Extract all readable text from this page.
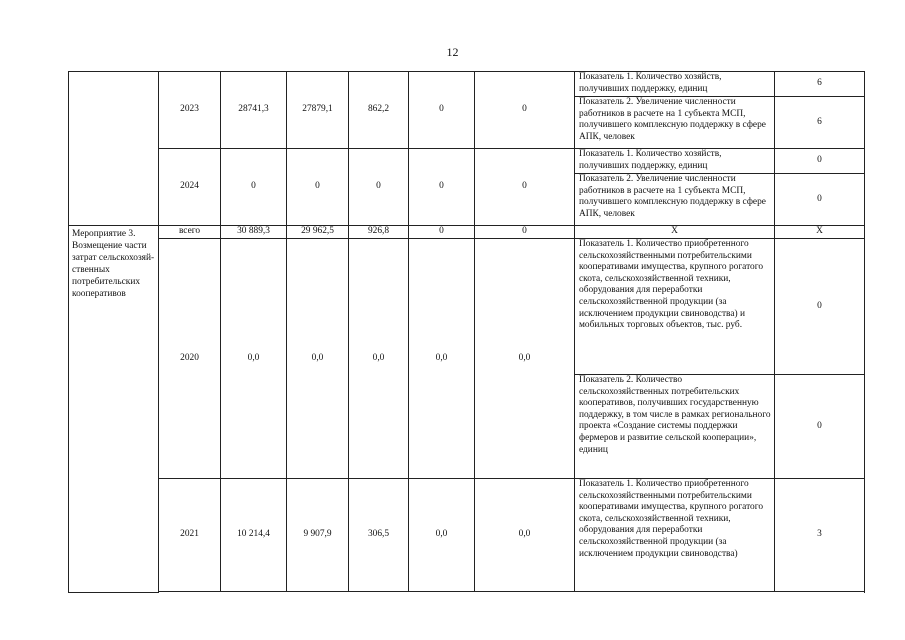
12
	2023	28741,3	27879,1	862,2	0	0	Показатель 1. Количество хозяйств, получивших поддержку, единиц	6
							Показатель 2. Увеличение численности работников в расчете на 1 субъекта МСП, получившего комплексную поддержку в сфере АПК, человек	6
	2024	0	0	0	0	0	Показатель 1. Количество хозяйств, получивших поддержку, единиц	0
							Показатель 2. Увеличение численности работников в расчете на 1 субъекта МСП, получившего комплексную поддержку в сфере АПК, человек	0
Мероприятие 3. Возмещение части затрат сельскохозяй-ственных потребительских кооперативов	всего	30 889,3	29 962,5	926,8	0	0	Х	Х
	2020	0,0	0,0	0,0	0,0	0,0	Показатель 1. Количество приобретенного сельскохозяйственными потребительскими кооперативами имущества, крупного рогатого скота, сельскохозяйственной техники, оборудования для переработки сельскохозяйственной продукции (за исключением продукции свиноводства) и мобильных торговых объектов, тыс. руб.	0
							Показатель 2. Количество сельскохозяйственных потребительских кооперативов, получивших государственную поддержку, в том числе в рамках регионального проекта «Создание системы поддержки фермеров и развитие сельской кооперации», единиц	0
	2021	10 214,4	9 907,9	306,5	0,0	0,0	Показатель 1. Количество приобретенного сельскохозяйственными потребительскими кооперативами имущества, крупного рогатого скота, сельскохозяйственной техники, оборудования для переработки сельскохозяйственной продукции (за исключением продукции свиноводства)	3
